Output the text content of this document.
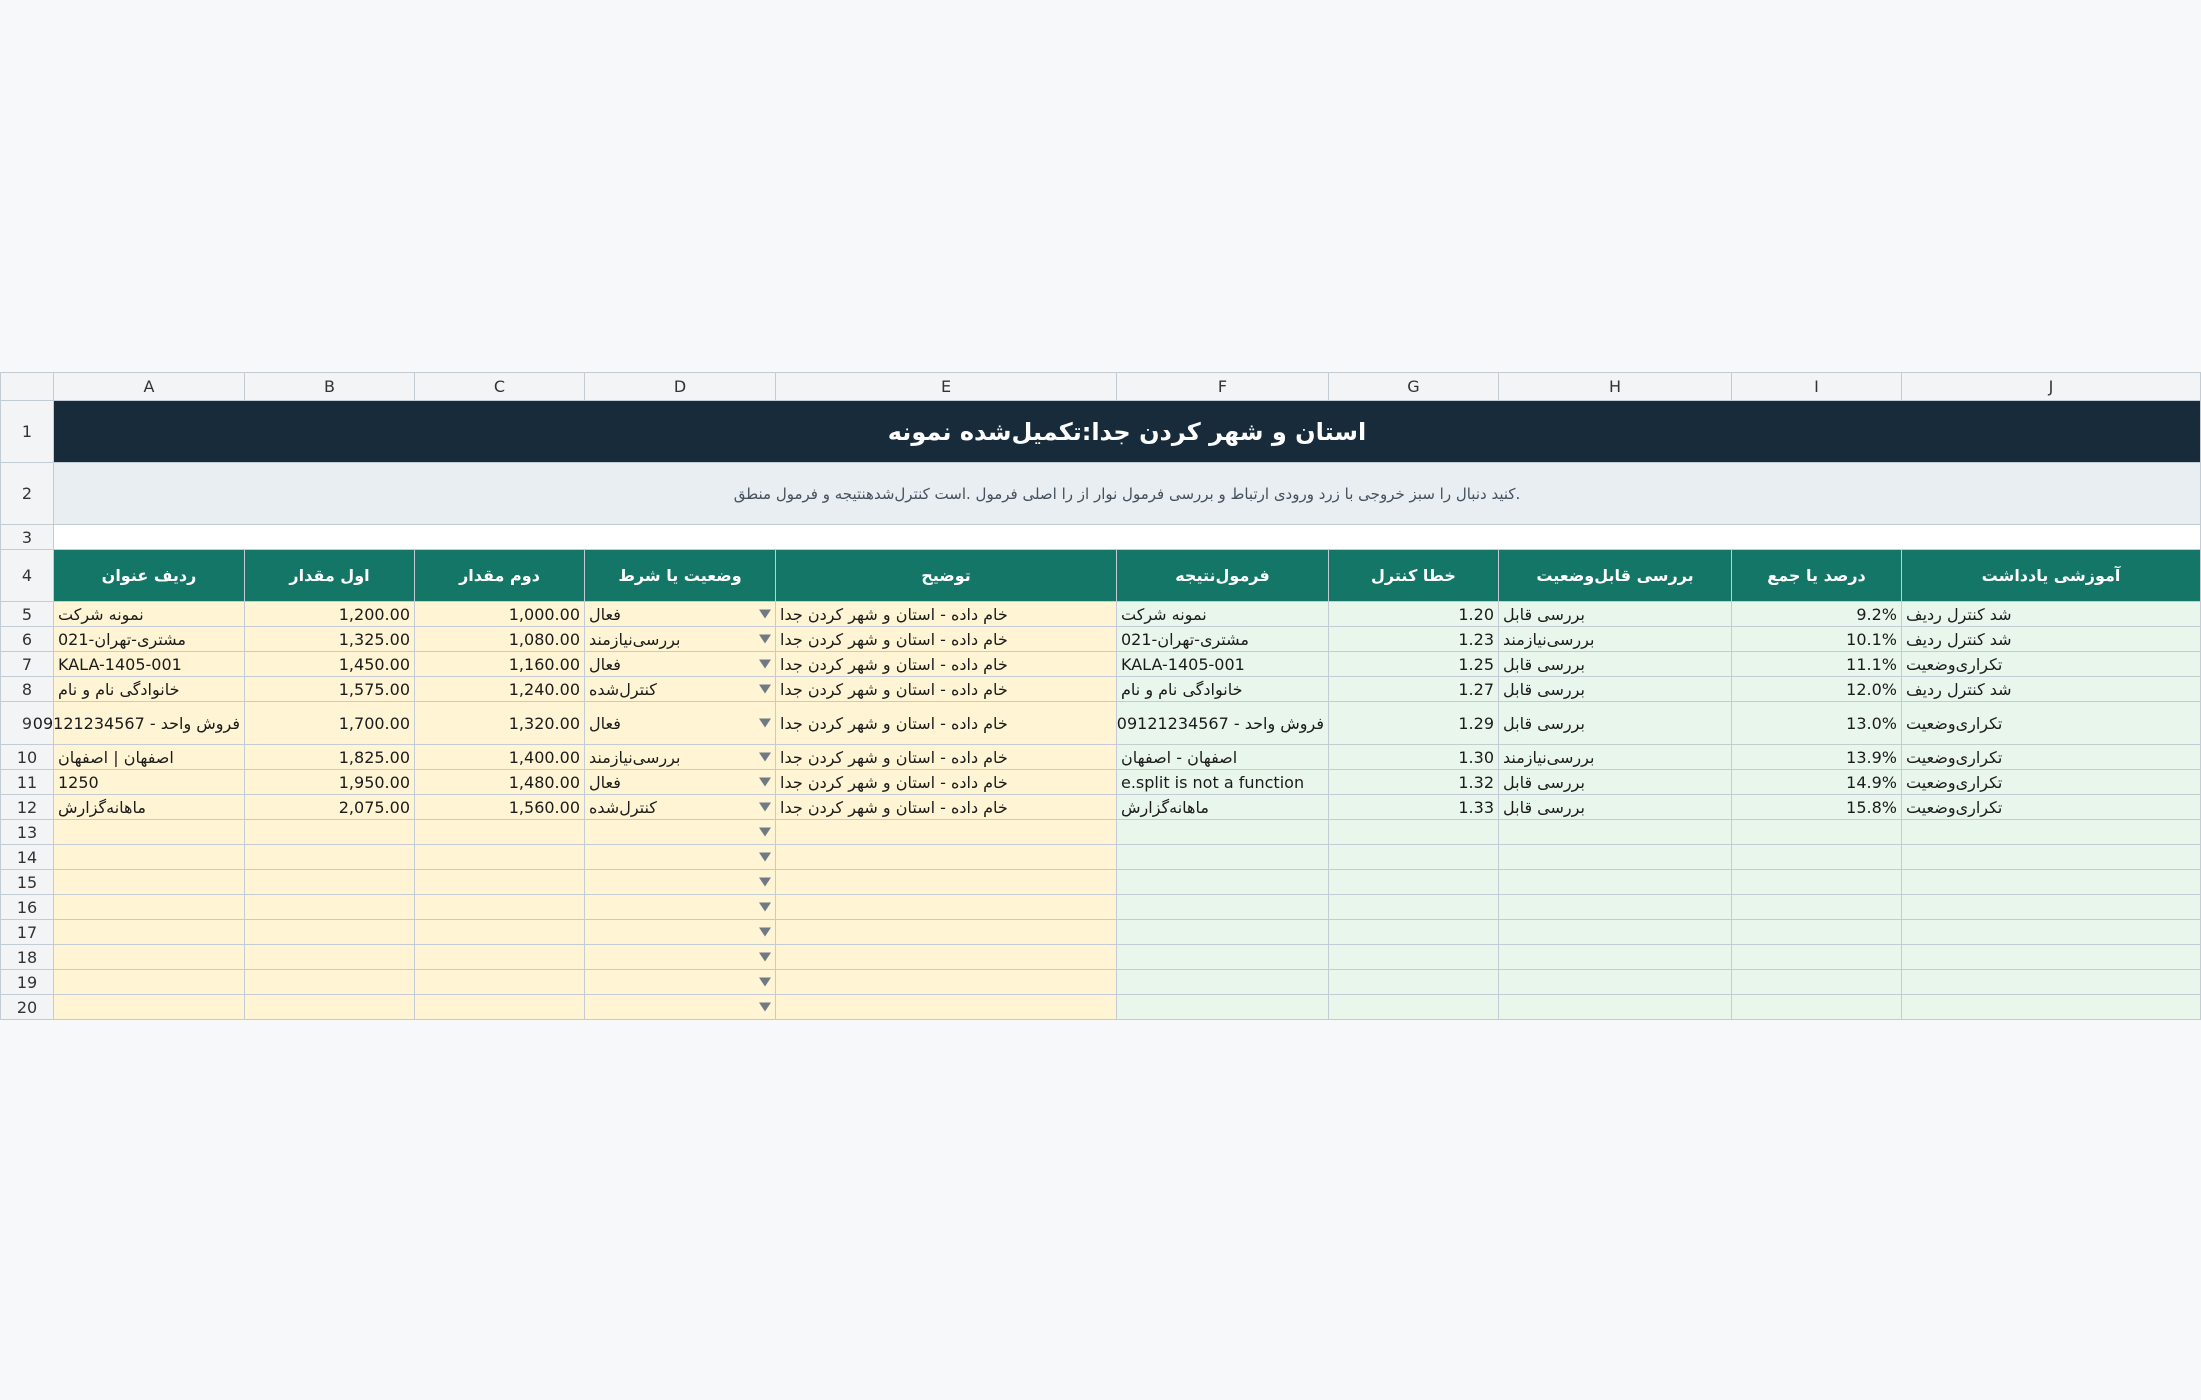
	A	B	C	D	E	F	G	H	I	J
1	استان و شهر کردن جدا:تکمیل‌شده نمونه									
2	.کنید دنبال را سبز خروجی با زرد ورودی ارتباط و بررسی فرمول نوار از را اصلی فرمول .است کنترل‌شدهنتیجه و فرمول منطق									
3										
4	ردیف عنوان	اول مقدار	دوم مقدار	وضعیت یا شرط	توضیح	فرمول‌نتیجه	خطا کنترل	بررسی قابل‌وضعیت	درصد یا جمع	آموزشی یادداشت
5	نمونه شرکت	1,200.00	1,000.00	فعال	خام داده - استان و شهر کردن جدا	نمونه شرکت	1.20	بررسی قابل	9.2%	شد کنترل ردیف
6	مشتری-تهران-021	1,325.00	1,080.00	بررسی‌نیازمند	خام داده - استان و شهر کردن جدا	مشتری-تهران-021	1.23	بررسی‌نیازمند	10.1%	شد کنترل ردیف
7	KALA-1405-001	1,450.00	1,160.00	فعال	خام داده - استان و شهر کردن جدا	KALA-1405-001	1.25	بررسی قابل	11.1%	تکراری‌وضعیت
8	خانوادگی نام و نام	1,575.00	1,240.00	کنترل‌شده	خام داده - استان و شهر کردن جدا	خانوادگی نام و نام	1.27	بررسی قابل	12.0%	شد کنترل ردیف
9	فروش واحد - 09121234567	1,700.00	1,320.00	فعال	خام داده - استان و شهر کردن جدا	فروش واحد - 09121234567	1.29	بررسی قابل	13.0%	تکراری‌وضعیت
10	اصفهان | اصفهان	1,825.00	1,400.00	بررسی‌نیازمند	خام داده - استان و شهر کردن جدا	اصفهان - اصفهان	1.30	بررسی‌نیازمند	13.9%	تکراری‌وضعیت
11	1250	1,950.00	1,480.00	فعال	خام داده - استان و شهر کردن جدا	e.split is not a function	1.32	بررسی قابل	14.9%	تکراری‌وضعیت
12	ماهانه‌گزارش	2,075.00	1,560.00	کنترل‌شده	خام داده - استان و شهر کردن جدا	ماهانه‌گزارش	1.33	بررسی قابل	15.8%	تکراری‌وضعیت
13				

14				

15				

16				

17				

18				

19				

20				
